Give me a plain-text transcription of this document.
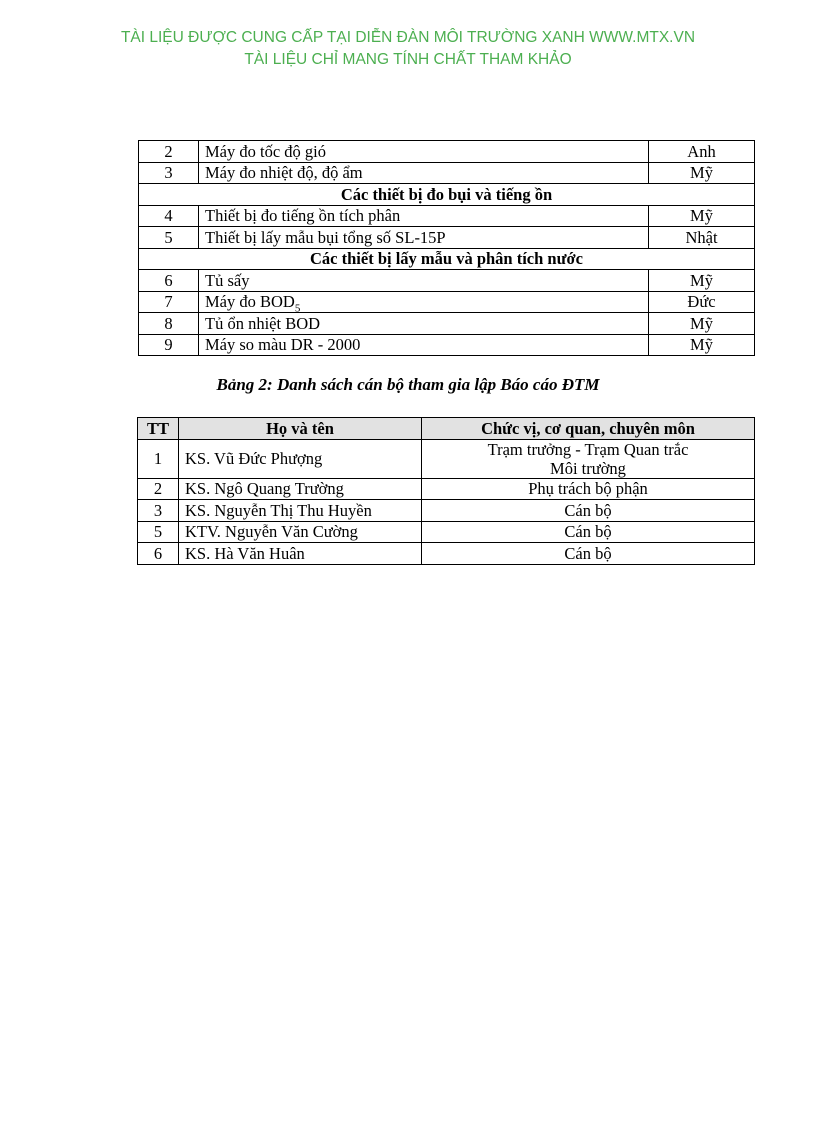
TÀI LIỆU ĐƯỢC CUNG CẤP TẠI DIỄN ĐÀN MÔI TRƯỜNG XANH WWW.MTX.VN
TÀI LIỆU CHỈ MANG TÍNH CHẤT THAM KHẢO
2	Máy đo tốc độ gió	Anh
3	Máy đo nhiệt độ, độ ẩm	Mỹ
Các thiết bị đo bụi và tiếng ồn		
4	Thiết bị đo tiếng ồn tích phân	Mỹ
5	Thiết bị lấy mẫu bụi tổng số SL-15P	Nhật
Các thiết bị lấy mẫu và phân tích nước		
6	Tủ sấy	Mỹ
7	Máy đo $BOD_5$	Đức
8	Tủ ổn nhiệt BOD	Mỹ
9	Máy so màu DR - 2000	Mỹ
Bảng 2: Danh sách cán bộ tham gia lập Báo cáo ĐTM
TT	Họ và tên	Chức vị, cơ quan, chuyên môn
1	KS. Vũ Đức Phượng	Trạm trưởng - Trạm Quan trắc
Môi trường

2	KS. Ngô Quang Trường	Phụ trách bộ phận
3	KS. Nguyễn Thị Thu Huyền	Cán bộ
5	KTV. Nguyễn Văn Cường	Cán bộ
6	KS. Hà Văn Huân	Cán bộ
